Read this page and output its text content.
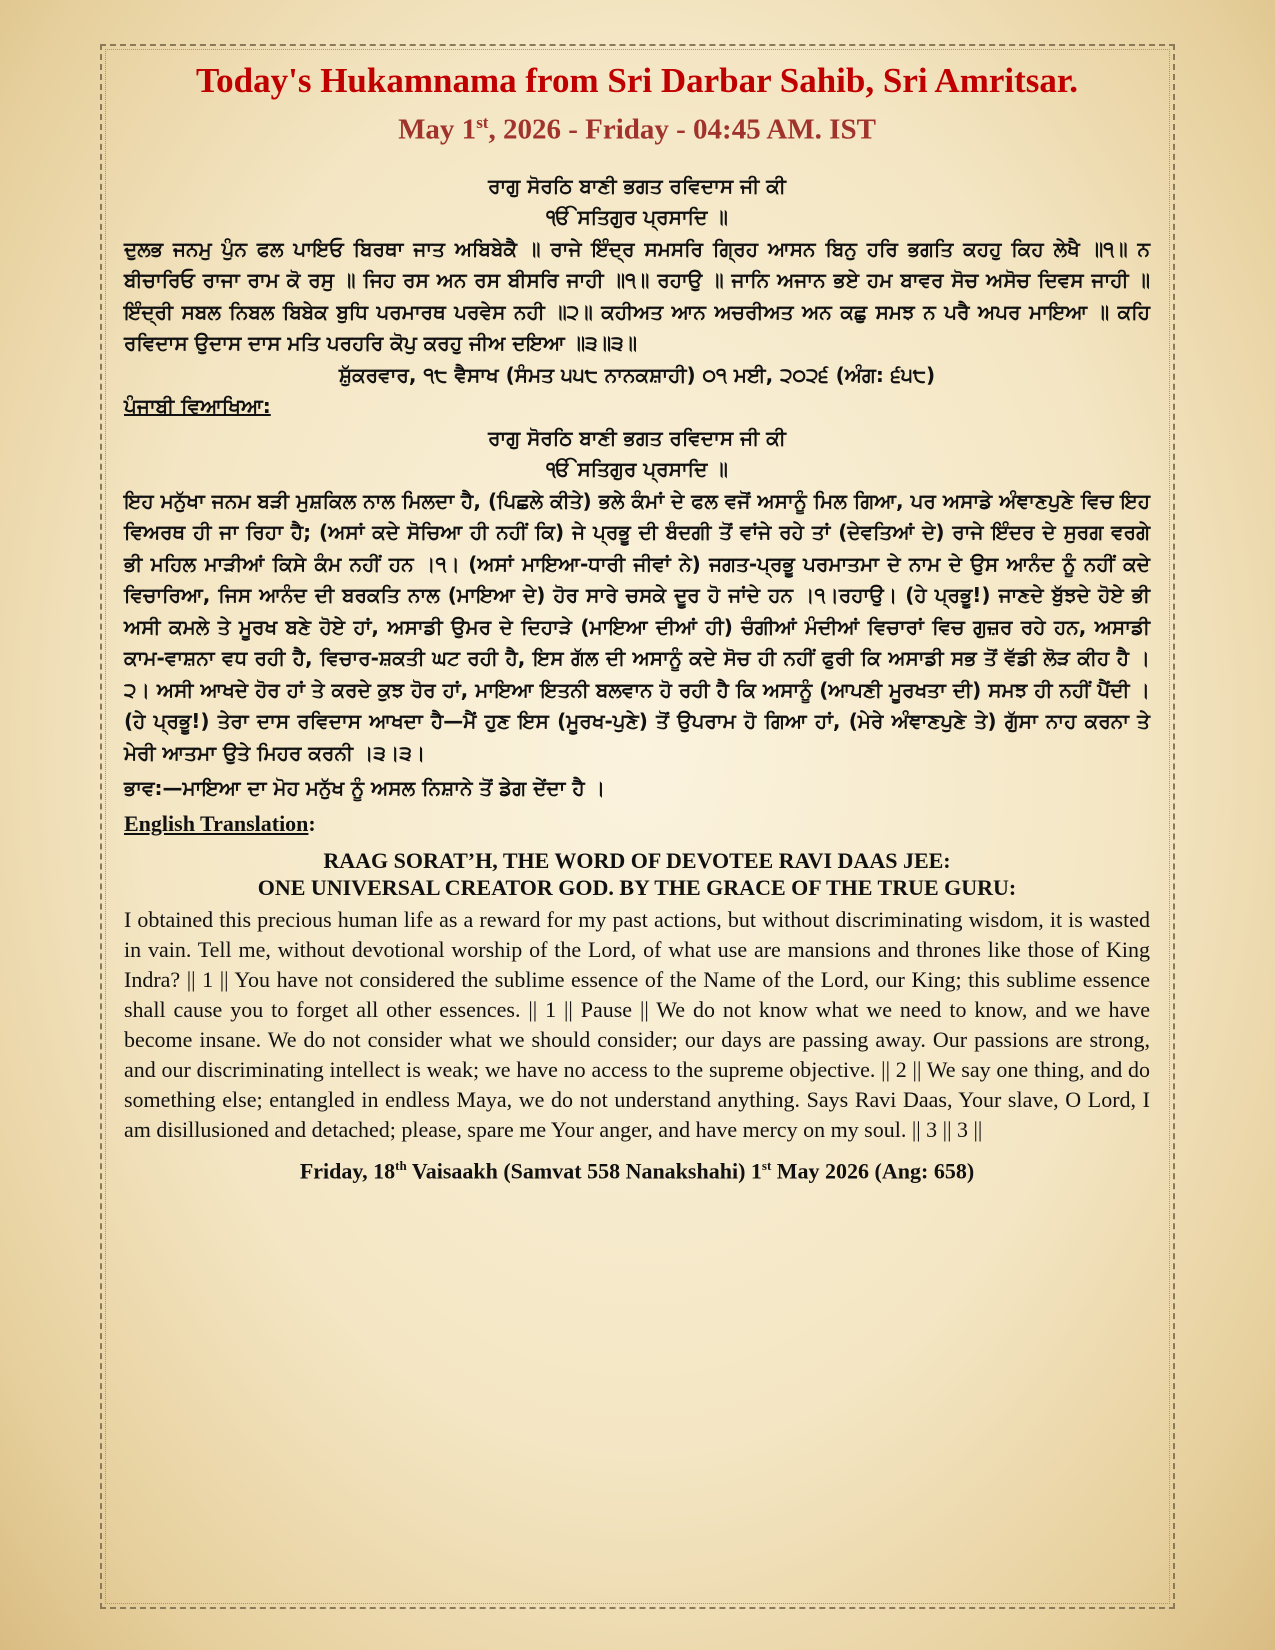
Today's Hukamnama from Sri Darbar Sahib, Sri Amritsar.

May 1st, 2026 - Friday - 04:45 AM. IST

ਰਾਗੁ ਸੋਰਠਿ ਬਾਣੀ ਭਗਤ ਰਵਿਦਾਸ ਜੀ ਕੀ

ੴ ਸਤਿਗੁਰ ਪ੍ਰਸਾਦਿ ॥

ਦੁਲਭ ਜਨਮੁ ਪੁੰਨ ਫਲ ਪਾਇਓ ਬਿਰਥਾ ਜਾਤ ਅਬਿਬੇਕੈ ॥ ਰਾਜੇ ਇੰਦ੍ਰ ਸਮਸਰਿ ਗ੍ਰਿਹ ਆਸਨ ਬਿਨੁ ਹਰਿ ਭਗਤਿ ਕਹਹੁ ਕਿਹ ਲੇਖੈ ॥੧॥ ਨ ਬੀਚਾਰਿਓ ਰਾਜਾ ਰਾਮ ਕੋ ਰਸੁ ॥ ਜਿਹ ਰਸ ਅਨ ਰਸ ਬੀਸਰਿ ਜਾਹੀ ॥੧॥ ਰਹਾਉ ॥ ਜਾਨਿ ਅਜਾਨ ਭਏ ਹਮ ਬਾਵਰ ਸੋਚ ਅਸੋਚ ਦਿਵਸ ਜਾਹੀ ॥ ਇੰਦ੍ਰੀ ਸਬਲ ਨਿਬਲ ਬਿਬੇਕ ਬੁਧਿ ਪਰਮਾਰਥ ਪਰਵੇਸ ਨਹੀ ॥੨॥ ਕਹੀਅਤ ਆਨ ਅਚਰੀਅਤ ਅਨ ਕਛੁ ਸਮਝ ਨ ਪਰੈ ਅਪਰ ਮਾਇਆ ॥ ਕਹਿ ਰਵਿਦਾਸ ਉਦਾਸ ਦਾਸ ਮਤਿ ਪਰਹਰਿ ਕੋਪੁ ਕਰਹੁ ਜੀਅ ਦਇਆ ॥੩॥੩॥

ਸ਼ੁੱਕਰਵਾਰ, ੧੮ ਵੈਸਾਖ (ਸੰਮਤ ੫੫੮ ਨਾਨਕਸ਼ਾਹੀ) ੦੧ ਮਈ, ੨੦੨੬ (ਅੰਗ: ੬੫੮)

ਪੰਜਾਬੀ ਵਿਆਖਿਆ:

ਰਾਗੁ ਸੋਰਠਿ ਬਾਣੀ ਭਗਤ ਰਵਿਦਾਸ ਜੀ ਕੀ

ੴ ਸਤਿਗੁਰ ਪ੍ਰਸਾਦਿ ॥

ਇਹ ਮਨੁੱਖਾ ਜਨਮ ਬੜੀ ਮੁਸ਼ਕਿਲ ਨਾਲ ਮਿਲਦਾ ਹੈ, (ਪਿਛਲੇ ਕੀਤੇ) ਭਲੇ ਕੰਮਾਂ ਦੇ ਫਲ ਵਜੋਂ ਅਸਾਨੂੰ ਮਿਲ ਗਿਆ, ਪਰ ਅਸਾਡੇ ਅੰਞਾਣਪੁਣੇ ਵਿਚ ਇਹ ਵਿਅਰਥ ਹੀ ਜਾ ਰਿਹਾ ਹੈ; (ਅਸਾਂ ਕਦੇ ਸੋਚਿਆ ਹੀ ਨਹੀਂ ਕਿ) ਜੇ ਪ੍ਰਭੂ ਦੀ ਬੰਦਗੀ ਤੋਂ ਵਾਂਜੇ ਰਹੇ ਤਾਂ (ਦੇਵਤਿਆਂ ਦੇ) ਰਾਜੇ ਇੰਦਰ ਦੇ ਸੁਰਗ ਵਰਗੇ ਭੀ ਮਹਿਲ ਮਾੜੀਆਂ ਕਿਸੇ ਕੰਮ ਨਹੀਂ ਹਨ ।੧। (ਅਸਾਂ ਮਾਇਆ-ਧਾਰੀ ਜੀਵਾਂ ਨੇ) ਜਗਤ-ਪ੍ਰਭੂ ਪਰਮਾਤਮਾ ਦੇ ਨਾਮ ਦੇ ਉਸ ਆਨੰਦ ਨੂੰ ਨਹੀਂ ਕਦੇ ਵਿਚਾਰਿਆ, ਜਿਸ ਆਨੰਦ ਦੀ ਬਰਕਤਿ ਨਾਲ (ਮਾਇਆ ਦੇ) ਹੋਰ ਸਾਰੇ ਚਸਕੇ ਦੂਰ ਹੋ ਜਾਂਦੇ ਹਨ ।੧।ਰਹਾਉ। (ਹੇ ਪ੍ਰਭੂ!) ਜਾਣਦੇ ਬੁੱਝਦੇ ਹੋਏ ਭੀ ਅਸੀ ਕਮਲੇ ਤੇ ਮੂਰਖ ਬਣੇ ਹੋਏ ਹਾਂ, ਅਸਾਡੀ ਉਮਰ ਦੇ ਦਿਹਾੜੇ (ਮਾਇਆ ਦੀਆਂ ਹੀ) ਚੰਗੀਆਂ ਮੰਦੀਆਂ ਵਿਚਾਰਾਂ ਵਿਚ ਗੁਜ਼ਰ ਰਹੇ ਹਨ, ਅਸਾਡੀ ਕਾਮ-ਵਾਸ਼ਨਾ ਵਧ ਰਹੀ ਹੈ, ਵਿਚਾਰ-ਸ਼ਕਤੀ ਘਟ ਰਹੀ ਹੈ, ਇਸ ਗੱਲ ਦੀ ਅਸਾਨੂੰ ਕਦੇ ਸੋਚ ਹੀ ਨਹੀਂ ਫੁਰੀ ਕਿ ਅਸਾਡੀ ਸਭ ਤੋਂ ਵੱਡੀ ਲੋੜ ਕੀਹ ਹੈ ।੨। ਅਸੀ ਆਖਦੇ ਹੋਰ ਹਾਂ ਤੇ ਕਰਦੇ ਕੁਝ ਹੋਰ ਹਾਂ, ਮਾਇਆ ਇਤਨੀ ਬਲਵਾਨ ਹੋ ਰਹੀ ਹੈ ਕਿ ਅਸਾਨੂੰ (ਆਪਣੀ ਮੂਰਖਤਾ ਦੀ) ਸਮਝ ਹੀ ਨਹੀਂ ਪੈਂਦੀ । (ਹੇ ਪ੍ਰਭੂ!) ਤੇਰਾ ਦਾਸ ਰਵਿਦਾਸ ਆਖਦਾ ਹੈ—ਮੈਂ ਹੁਣ ਇਸ (ਮੂਰਖ-ਪੁਣੇ) ਤੋਂ ਉਪਰਾਮ ਹੋ ਗਿਆ ਹਾਂ, (ਮੇਰੇ ਅੰਞਾਣਪੁਣੇ ਤੇ) ਗੁੱਸਾ ਨਾਹ ਕਰਨਾ ਤੇ ਮੇਰੀ ਆਤਮਾ ਉਤੇ ਮਿਹਰ ਕਰਨੀ ।੩।੩।

ਭਾਵ:—ਮਾਇਆ ਦਾ ਮੋਹ ਮਨੁੱਖ ਨੂੰ ਅਸਲ ਨਿਸ਼ਾਨੇ ਤੋਂ ਡੇਗ ਦੇਂਦਾ ਹੈ ।

English Translation:

RAAG SORAT’H, THE WORD OF DEVOTEE RAVI DAAS JEE:

ONE UNIVERSAL CREATOR GOD. BY THE GRACE OF THE TRUE GURU:

I obtained this precious human life as a reward for my past actions, but without discriminating wisdom, it is wasted in vain. Tell me, without devotional worship of the Lord, of what use are mansions and thrones like those of King Indra? || 1 || You have not considered the sublime essence of the Name of the Lord, our King; this sublime essence shall cause you to forget all other essences. || 1 || Pause || We do not know what we need to know, and we have become insane. We do not consider what we should consider; our days are passing away. Our passions are strong, and our discriminating intellect is weak; we have no access to the supreme objective. || 2 || We say one thing, and do something else; entangled in endless Maya, we do not understand anything. Says Ravi Daas, Your slave, O Lord, I am disillusioned and detached; please, spare me Your anger, and have mercy on my soul. || 3 || 3 ||

Friday, 18th Vaisaakh (Samvat 558 Nanakshahi) 1st May 2026 (Ang: 658)
